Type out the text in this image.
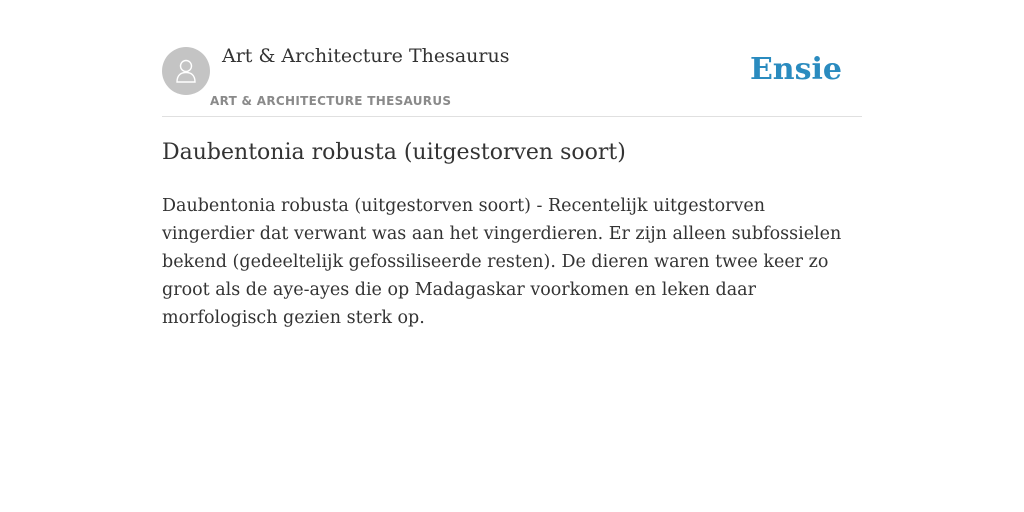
Art & Architecture Thesaurus
ART & ARCHITECTURE THESAURUS
Ensie
Daubentonia robusta (uitgestorven soort)

Daubentonia robusta (uitgestorven soort) - Recentelijk uitgestorven vingerdier dat verwant was aan het vingerdieren. Er zijn alleen subfossielen bekend (gedeeltelijk gefossiliseerde resten). De dieren waren twee keer zo groot als de aye-ayes die op Madagaskar voorkomen en leken daar morfologisch gezien sterk op.
